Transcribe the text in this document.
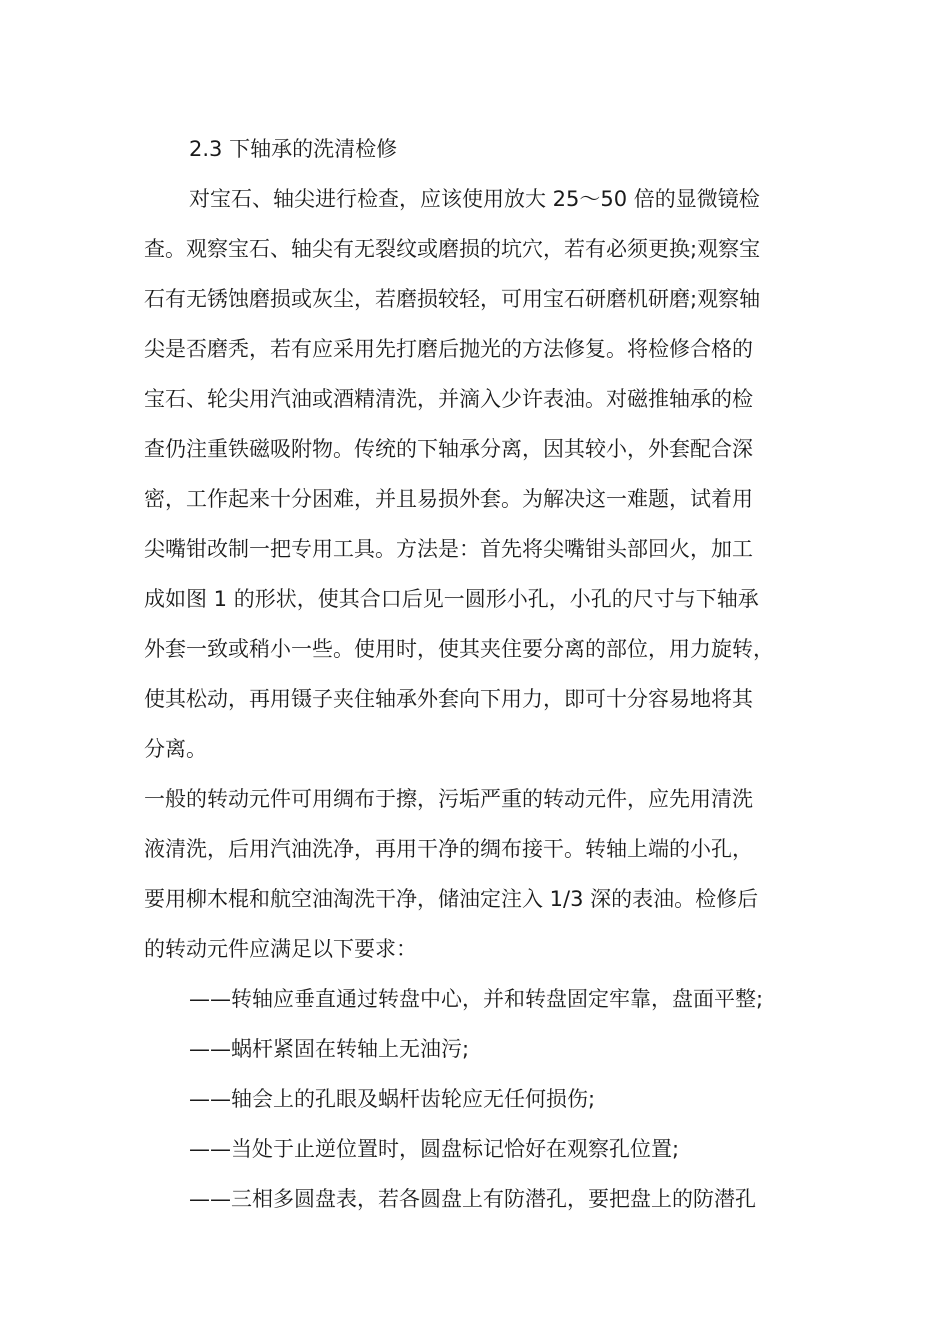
2.3 下轴承的洗清检修
对宝石、轴尖进行检查，应该使用放大 25～50 倍的显微镜检
查。观察宝石、轴尖有无裂纹或磨损的坑穴，若有必须更换;观察宝
石有无锈蚀磨损或灰尘，若磨损较轻，可用宝石研磨机研磨;观察轴
尖是否磨秃，若有应采用先打磨后抛光的方法修复。将检修合格的
宝石、轮尖用汽油或酒精清洗，并滴入少许表油。对磁推轴承的检
查仍注重铁磁吸附物。传统的下轴承分离，因其较小，外套配合深
密，工作起来十分困难，并且易损外套。为解决这一难题，试着用
尖嘴钳改制一把专用工具。方法是：首先将尖嘴钳头部回火，加工
成如图 1 的形状，使其合口后见一圆形小孔，小孔的尺寸与下轴承
外套一致或稍小一些。使用时，使其夹住要分离的部位，用力旋转，
使其松动，再用镊子夹住轴承外套向下用力，即可十分容易地将其
分离。
一般的转动元件可用绸布于擦，污垢严重的转动元件，应先用清洗
液清洗，后用汽油洗净，再用干净的绸布接干。转轴上端的小孔，
要用柳木棍和航空油淘洗干净，储油定注入 1/3 深的表油。检修后
的转动元件应满足以下要求：
——转轴应垂直通过转盘中心，并和转盘固定牢靠，盘面平整;
——蜗杆紧固在转轴上无油污;
——轴会上的孔眼及蜗杆齿轮应无任何损伤;
——当处于止逆位置时，圆盘标记恰好在观察孔位置;
——三相多圆盘表，若各圆盘上有防潜孔，要把盘上的防潜孔
